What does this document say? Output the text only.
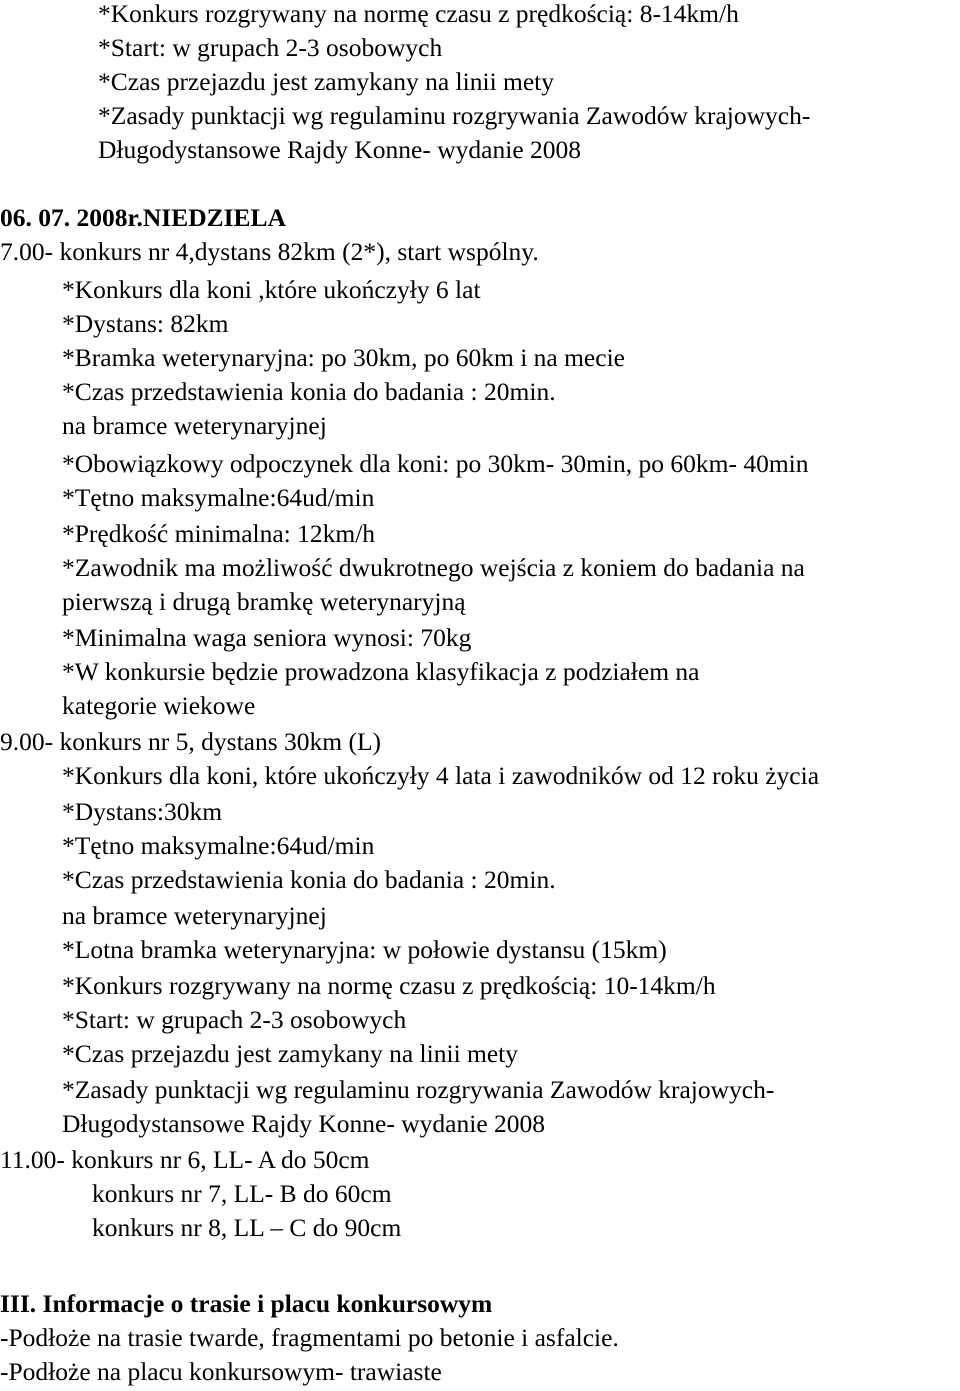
*Konkurs rozgrywany na normę czasu z prędkością: 8-14km/h
*Start: w grupach 2-3 osobowych
*Czas przejazdu jest zamykany na linii mety
*Zasady punktacji wg regulaminu rozgrywania Zawodów krajowych-
Długodystansowe Rajdy Konne- wydanie 2008
06. 07. 2008r.NIEDZIELA
7.00- konkurs nr 4,dystans 82km (2*), start wspólny.
*Konkurs dla koni ,które ukończyły 6 lat
*Dystans: 82km
*Bramka weterynaryjna: po 30km, po 60km i na mecie
*Czas przedstawienia konia do badania : 20min.
na bramce weterynaryjnej
*Obowiązkowy odpoczynek dla koni: po 30km- 30min, po 60km- 40min
*Tętno maksymalne:64ud/min
*Prędkość minimalna: 12km/h
*Zawodnik ma możliwość dwukrotnego wejścia z koniem do badania na
pierwszą i drugą bramkę weterynaryjną
*Minimalna waga seniora wynosi: 70kg
*W konkursie będzie prowadzona klasyfikacja z podziałem na
kategorie wiekowe
9.00- konkurs nr 5, dystans 30km (L)
*Konkurs dla koni, które ukończyły 4 lata i zawodników od 12 roku życia
*Dystans:30km
*Tętno maksymalne:64ud/min
*Czas przedstawienia konia do badania : 20min.
na bramce weterynaryjnej
*Lotna bramka weterynaryjna: w połowie dystansu (15km)
*Konkurs rozgrywany na normę czasu z prędkością: 10-14km/h
*Start: w grupach 2-3 osobowych
*Czas przejazdu jest zamykany na linii mety
*Zasady punktacji wg regulaminu rozgrywania Zawodów krajowych-
Długodystansowe Rajdy Konne- wydanie 2008
11.00- konkurs nr 6, LL- A do 50cm
konkurs nr 7, LL- B do 60cm
konkurs nr 8, LL – C do 90cm
III. Informacje o trasie i placu konkursowym
-Podłoże na trasie twarde, fragmentami po betonie i asfalcie.
-Podłoże na placu konkursowym- trawiaste
